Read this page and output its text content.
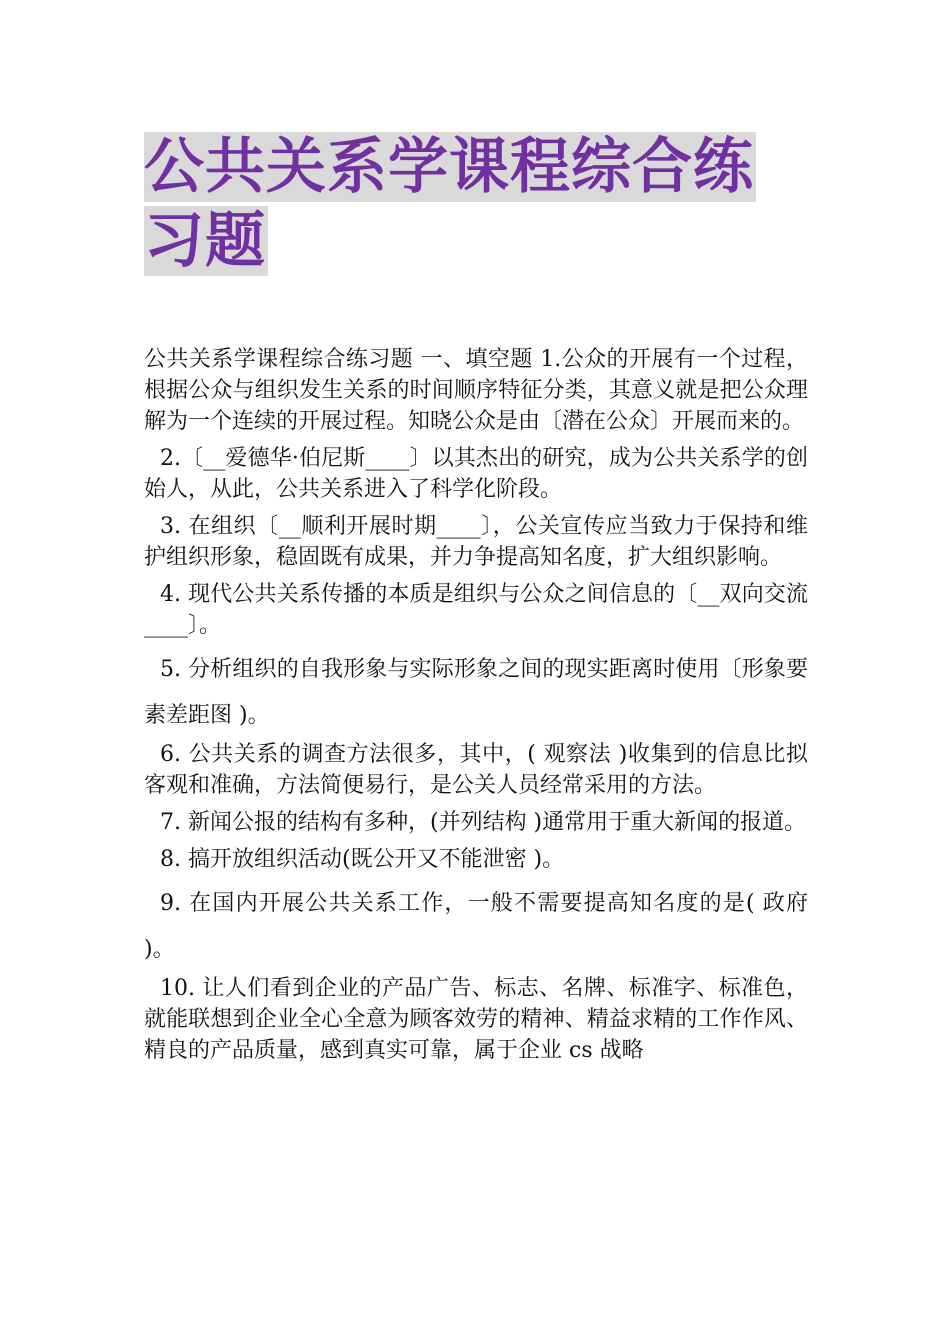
公共关系学课程综合练习题

公共关系学课程综合练习题 一、填空题 1.公众的开展有一个过程，根据公众与组织发生关系的时间顺序特征分类，其意义就是把公众理解为一个连续的开展过程。知晓公众是由〔潜在公众〕开展而来的。

2.〔__爱德华·伯尼斯____〕以其杰出的研究，成为公共关系学的创始人，从此，公共关系进入了科学化阶段。

3. 在组织〔__顺利开展时期____〕，公关宣传应当致力于保持和维护组织形象，稳固既有成果，并力争提高知名度，扩大组织影响。

4. 现代公共关系传播的本质是组织与公众之间信息的〔__双向交流____〕。

5. 分析组织的自我形象与实际形象之间的现实距离时使用〔形象要素差距图 )。

6. 公共关系的调查方法很多，其中，( 观察法 )收集到的信息比拟客观和准确，方法简便易行，是公关人员经常采用的方法。

7. 新闻公报的结构有多种，(并列结构 )通常用于重大新闻的报道。

8. 搞开放组织活动(既公开又不能泄密 )。

9. 在国内开展公共关系工作，一般不需要提高知名度的是( 政府 )。

10. 让人们看到企业的产品广告、标志、名牌、标准字、标准色，就能联想到企业全心全意为顾客效劳的精神、精益求精的工作作风、精良的产品质量，感到真实可靠，属于企业 cs 战略
